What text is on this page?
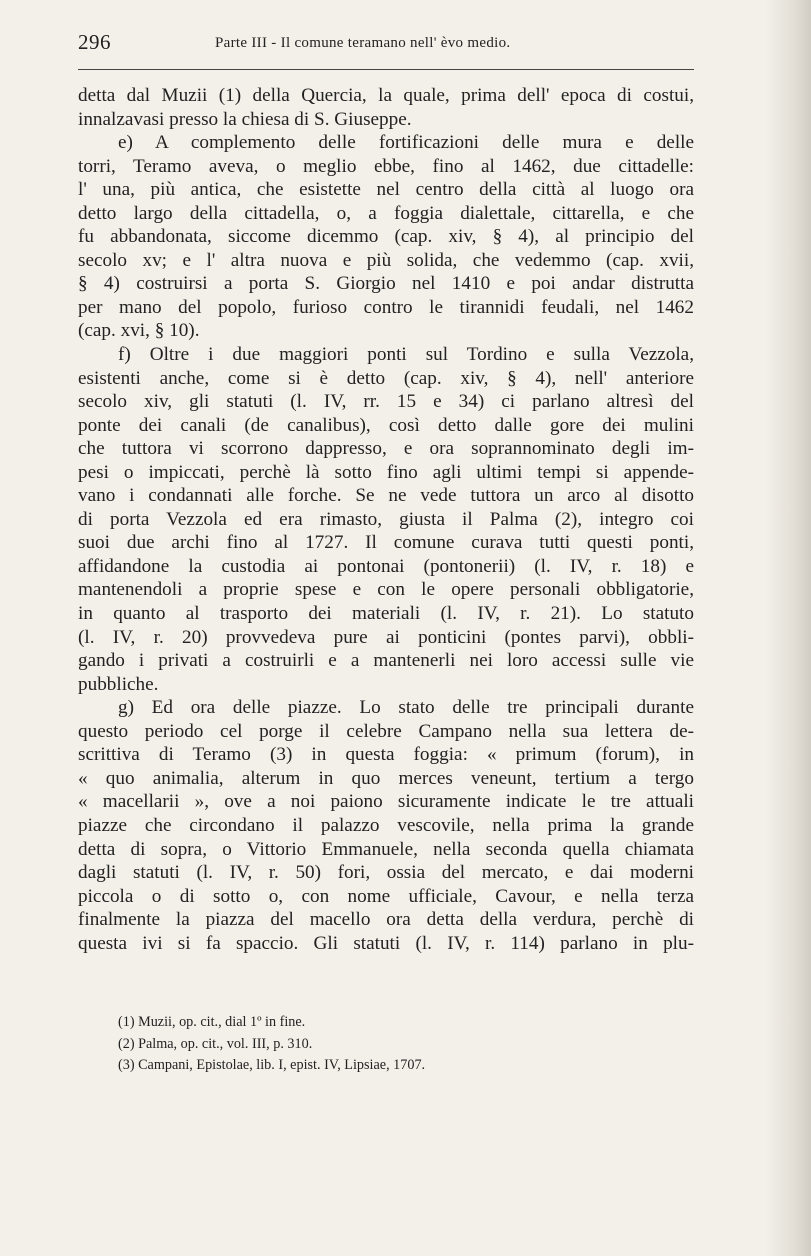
296	Parte III - Il comune teramano nell' èvo medio.
detta dal Muzii (1) della Quercia, la quale, prima dell' epoca di costui,
innalzavasi presso la chiesa di S. Giuseppe.
e) A complemento delle fortificazioni delle mura e delle
torri, Teramo aveva, o meglio ebbe, fino al 1462, due cittadelle:
l' una, più antica, che esistette nel centro della città al luogo ora
detto largo della cittadella, o, a foggia dialettale, cittarella, e che
fu abbandonata, siccome dicemmo (cap. xiv, § 4), al principio del
secolo xv; e l' altra nuova e più solida, che vedemmo (cap. xvii,
§ 4) costruirsi a porta S. Giorgio nel 1410 e poi andar distrutta
per mano del popolo, furioso contro le tirannidi feudali, nel 1462
(cap. xvi, § 10).
f) Oltre i due maggiori ponti sul Tordino e sulla Vezzola,
esistenti anche, come si è detto (cap. xiv, § 4), nell' anteriore
secolo xiv, gli statuti (l. IV, rr. 15 e 34) ci parlano altresì del
ponte dei canali (de canalibus), così detto dalle gore dei mulini
che tuttora vi scorrono dappresso, e ora soprannominato degli im-
pesi o impiccati, perchè là sotto fino agli ultimi tempi si appende-
vano i condannati alle forche. Se ne vede tuttora un arco al disotto
di porta Vezzola ed era rimasto, giusta il Palma (2), integro coi
suoi due archi fino al 1727. Il comune curava tutti questi ponti,
affidandone la custodia ai pontonai (pontonerii) (l. IV, r. 18) e
mantenendoli a proprie spese e con le opere personali obbligatorie,
in quanto al trasporto dei materiali (l. IV, r. 21). Lo statuto
(l. IV, r. 20) provvedeva pure ai ponticini (pontes parvi), obbli-
gando i privati a costruirli e a mantenerli nei loro accessi sulle vie
pubbliche.
g) Ed ora delle piazze. Lo stato delle tre principali durante
questo periodo cel porge il celebre Campano nella sua lettera de-
scrittiva di Teramo (3) in questa foggia: « primum (forum), in
« quo animalia, alterum in quo merces veneunt, tertium a tergo
« macellarii », ove a noi paiono sicuramente indicate le tre attuali
piazze che circondano il palazzo vescovile, nella prima la grande
detta di sopra, o Vittorio Emmanuele, nella seconda quella chiamata
dagli statuti (l. IV, r. 50) fori, ossia del mercato, e dai moderni
piccola o di sotto o, con nome ufficiale, Cavour, e nella terza
finalmente la piazza del macello ora detta della verdura, perchè di
questa ivi si fa spaccio. Gli statuti (l. IV, r. 114) parlano in plu-
(1) Muzii, op. cit., dial 1º in fine.
(2) Palma, op. cit., vol. III, p. 310.
(3) Campani, Epistolae, lib. I, epist. IV, Lipsiae, 1707.
